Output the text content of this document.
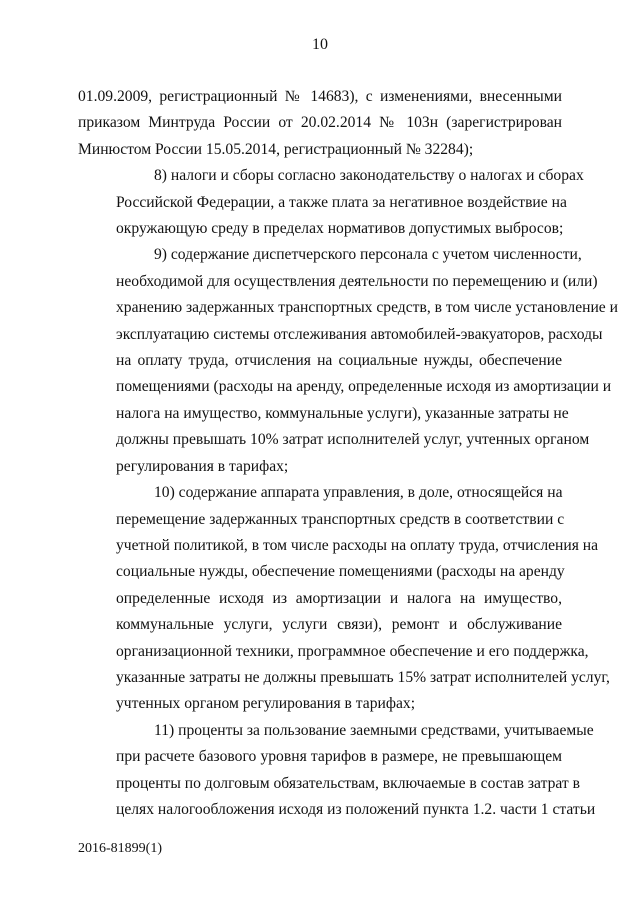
10
01.09.2009, регистрационный № 14683), с изменениями, внесенными
приказом Минтруда России от 20.02.2014 № 103н (зарегистрирован
Минюстом России 15.05.2014, регистрационный № 32284);
8) налоги и сборы согласно законодательству о налогах и сборах
Российской Федерации, а также плата за негативное воздействие на
окружающую среду в пределах нормативов допустимых выбросов;
9) содержание диспетчерского персонала с учетом численности,
необходимой для осуществления деятельности по перемещению и (или)
хранению задержанных транспортных средств, в том числе установление и
эксплуатацию системы отслеживания автомобилей-эвакуаторов, расходы
на оплату труда, отчисления на социальные нужды, обеспечение
помещениями (расходы на аренду, определенные исходя из амортизации и
налога на имущество, коммунальные услуги), указанные затраты не
должны превышать 10% затрат исполнителей услуг, учтенных органом
регулирования в тарифах;
10) содержание аппарата управления, в доле, относящейся на
перемещение задержанных транспортных средств в соответствии с
учетной политикой, в том числе расходы на оплату труда, отчисления на
социальные нужды, обеспечение помещениями (расходы на аренду
определенные исходя из амортизации и налога на имущество,
коммунальные услуги, услуги связи), ремонт и обслуживание
организационной техники, программное обеспечение и его поддержка,
указанные затраты не должны превышать 15% затрат исполнителей услуг,
учтенных органом регулирования в тарифах;
11) проценты за пользование заемными средствами, учитываемые
при расчете базового уровня тарифов в размере, не превышающем
проценты по долговым обязательствам, включаемые в состав затрат в
целях налогообложения исходя из положений пункта 1.2. части 1 статьи
2016-81899(1)
